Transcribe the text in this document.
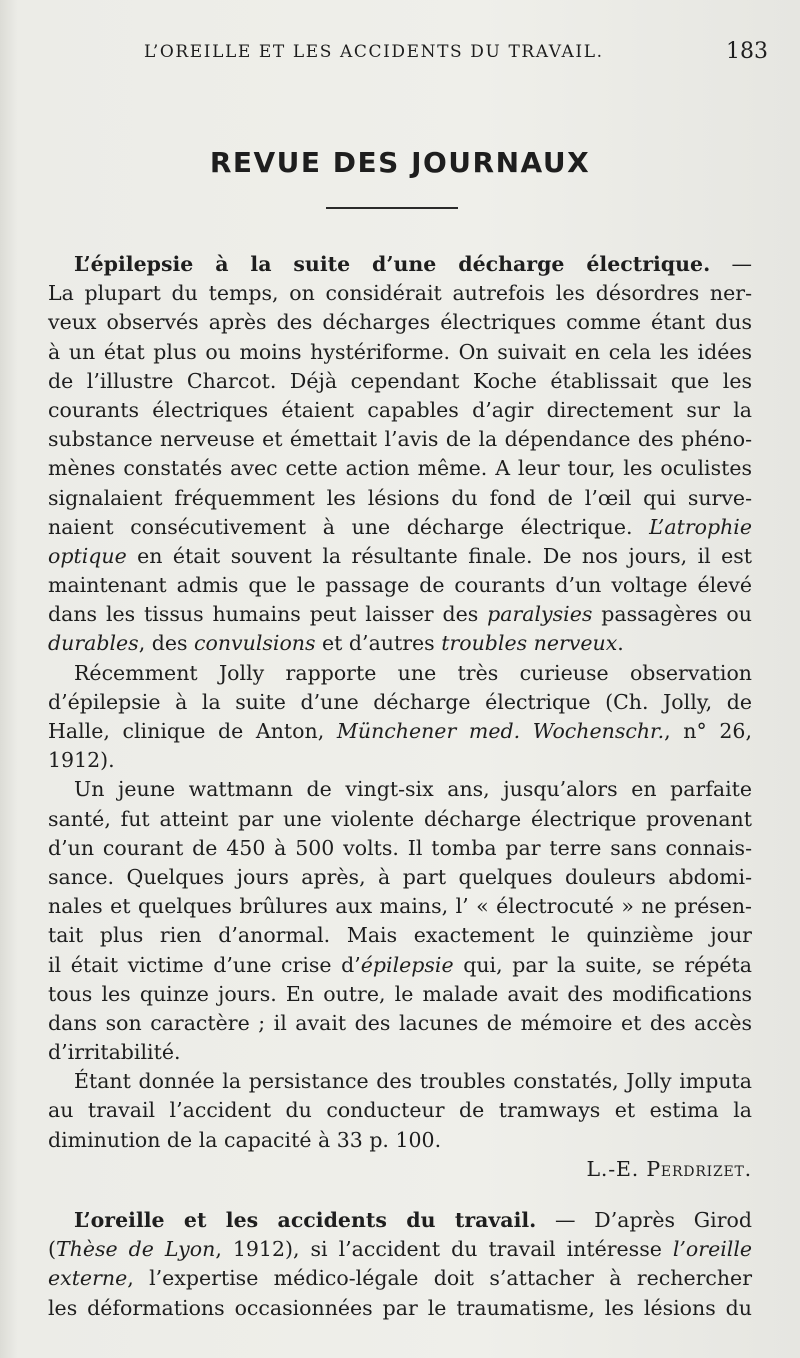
L’OREILLE ET LES ACCIDENTS DU TRAVAIL.	183
REVUE DES JOURNAUX
L’épilepsie à la suite d’une décharge électrique. —
La plupart du temps, on considérait autrefois les désordres ner-
veux observés après des décharges électriques comme étant dus
à un état plus ou moins hystériforme. On suivait en cela les idées
de l’illustre Charcot. Déjà cependant Koche établissait que les
courants électriques étaient capables d’agir directement sur la
substance nerveuse et émettait l’avis de la dépendance des phéno-
mènes constatés avec cette action même. A leur tour, les oculistes
signalaient fréquemment les lésions du fond de l’œil qui surve-
naient consécutivement à une décharge électrique. L’atrophie
optique en était souvent la résultante finale. De nos jours, il est
maintenant admis que le passage de courants d’un voltage élevé
dans les tissus humains peut laisser des paralysies passagères ou
durables, des convulsions et d’autres troubles nerveux.
Récemment Jolly rapporte une très curieuse observation
d’épilepsie à la suite d’une décharge électrique (Ch. Jolly, de
Halle, clinique de Anton, Münchener med. Wochenschr., n° 26,
1912).
Un jeune wattmann de vingt-six ans, jusqu’alors en parfaite
santé, fut atteint par une violente décharge électrique provenant
d’un courant de 450 à 500 volts. Il tomba par terre sans connais-
sance. Quelques jours après, à part quelques douleurs abdomi-
nales et quelques brûlures aux mains, l’ « électrocuté » ne présen-
tait plus rien d’anormal. Mais exactement le quinzième jour
il était victime d’une crise d’épilepsie qui, par la suite, se répéta
tous les quinze jours. En outre, le malade avait des modifications
dans son caractère ; il avait des lacunes de mémoire et des accès
d’irritabilité.
Étant donnée la persistance des troubles constatés, Jolly imputa
au travail l’accident du conducteur de tramways et estima la
diminution de la capacité à 33 p. 100.
L.-E. Perdrizet.
L’oreille et les accidents du travail. — D’après Girod
(Thèse de Lyon, 1912), si l’accident du travail intéresse l’oreille
externe, l’expertise médico-légale doit s’attacher à rechercher
les déformations occasionnées par le traumatisme, les lésions du
